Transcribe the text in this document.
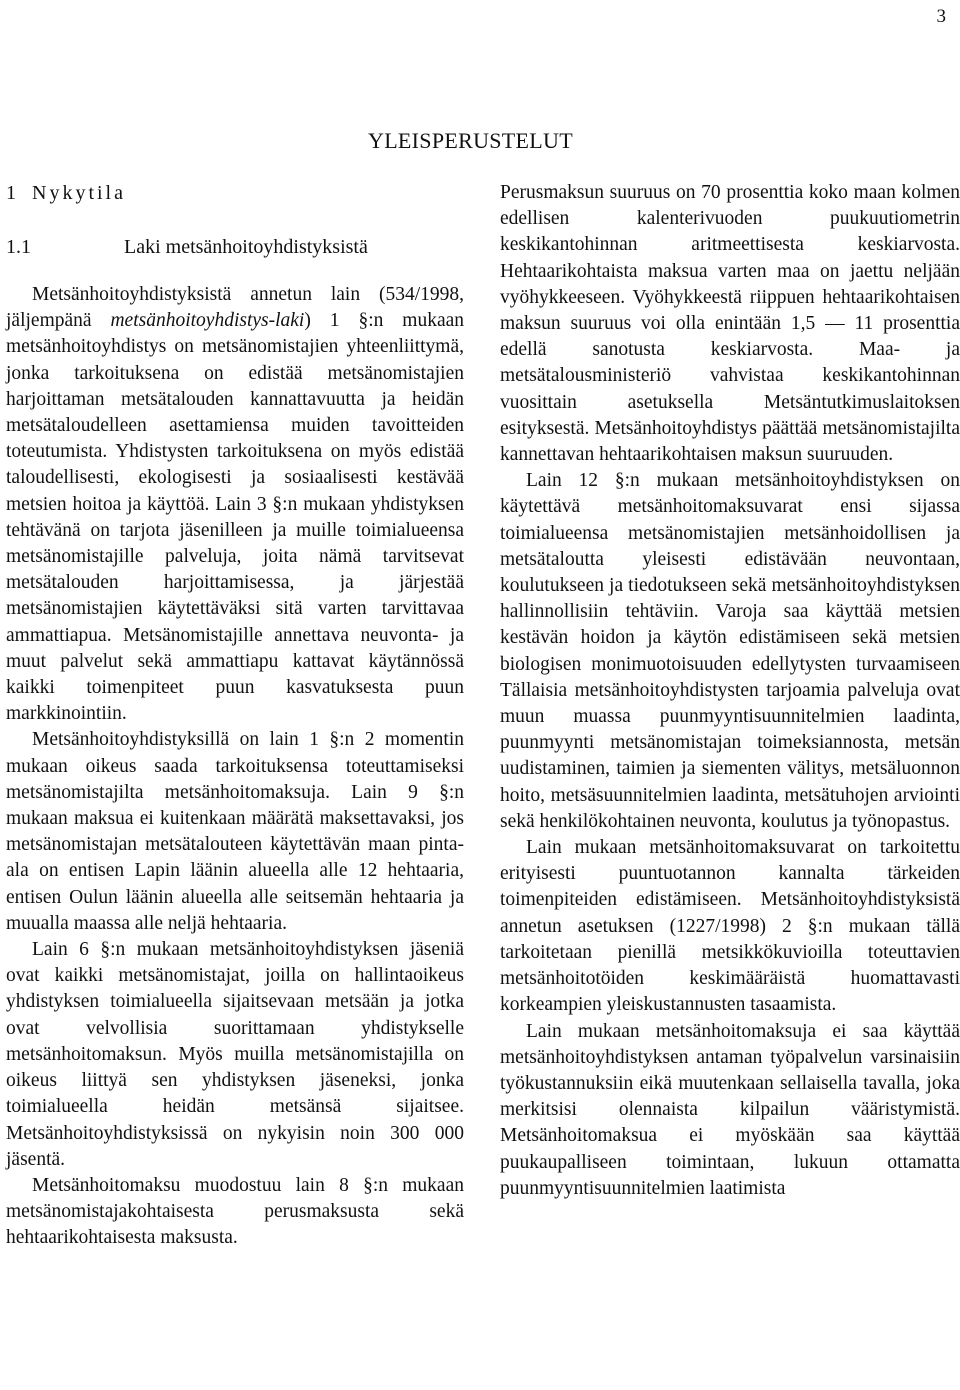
3
YLEISPERUSTELUT
1 Nykytila
1.1	Laki metsänhoitoyhdistyksistä

Metsänhoitoyhdistyksistä annetun lain (534/1998, jäljempänä metsänhoitoyhdistys-laki) 1 §:n mukaan metsänhoitoyhdistys on metsänomistajien yhteenliittymä, jonka tarkoituksena on edistää metsänomistajien harjoittaman metsätalouden kannattavuutta ja heidän metsätaloudelleen asettamiensa muiden tavoitteiden toteutumista. Yhdistysten tarkoituksena on myös edistää taloudellisesti, ekologisesti ja sosiaalisesti kestävää metsien hoitoa ja käyttöä. Lain 3 §:n mukaan yhdistyksen tehtävänä on tarjota jäsenilleen ja muille toimialueensa metsänomistajille palveluja, joita nämä tarvitsevat metsätalouden harjoittamisessa, ja järjestää metsänomistajien käytettäväksi sitä varten tarvittavaa ammattiapua. Metsänomistajille annettava neuvonta- ja muut palvelut sekä ammattiapu kattavat käytännössä kaikki toimenpiteet puun kasvatuksesta puun markkinointiin.

Metsänhoitoyhdistyksillä on lain 1 §:n 2 momentin mukaan oikeus saada tarkoituksensa toteuttamiseksi metsänomistajilta metsänhoitomaksuja. Lain 9 §:n mukaan maksua ei kuitenkaan määrätä maksettavaksi, jos metsänomistajan metsätalouteen käytettävän maan pinta-ala on entisen Lapin läänin alueella alle 12 hehtaaria, entisen Oulun läänin alueella alle seitsemän hehtaaria ja muualla maassa alle neljä hehtaaria.

Lain 6 §:n mukaan metsänhoitoyhdistyksen jäseniä ovat kaikki metsänomistajat, joilla on hallintaoikeus yhdistyksen toimialueella sijaitsevaan metsään ja jotka ovat velvollisia suorittamaan yhdistykselle metsänhoitomaksun. Myös muilla metsänomistajilla on oikeus liittyä sen yhdistyksen jäseneksi, jonka toimialueella heidän metsänsä sijaitsee. Metsänhoitoyhdistyksissä on nykyisin noin 300 000 jäsentä.

Metsänhoitomaksu muodostuu lain 8 §:n mukaan metsänomistajakohtaisesta perusmaksusta sekä hehtaarikohtaisesta maksusta.

Perusmaksun suuruus on 70 prosenttia koko maan kolmen edellisen kalenterivuoden puukuutiometrin keskikantohinnan aritmeettisesta keskiarvosta. Hehtaarikohtaista maksua varten maa on jaettu neljään vyöhykkeeseen. Vyöhykkeestä riippuen hehtaarikohtaisen maksun suuruus voi olla enintään 1,5 — 11 prosenttia edellä sanotusta keskiarvosta. Maa- ja metsätalousministeriö vahvistaa keskikantohinnan vuosittain asetuksella Metsäntutkimuslaitoksen esityksestä. Metsänhoitoyhdistys päättää metsänomistajilta kannettavan hehtaarikohtaisen maksun suuruuden.

Lain 12 §:n mukaan metsänhoitoyhdistyksen on käytettävä metsänhoitomaksuvarat ensi sijassa toimialueensa metsänomistajien metsänhoidollisen ja metsätaloutta yleisesti edistävään neuvontaan, koulutukseen ja tiedotukseen sekä metsänhoitoyhdistyksen hallinnollisiin tehtäviin. Varoja saa käyttää metsien kestävän hoidon ja käytön edistämiseen sekä metsien biologisen monimuotoisuuden edellytysten turvaamiseen Tällaisia metsänhoitoyhdistysten tarjoamia palveluja ovat muun muassa puunmyyntisuunnitelmien laadinta, puunmyynti metsänomistajan toimeksiannosta, metsän uudistaminen, taimien ja siementen välitys, metsäluonnon hoito, metsäsuunnitelmien laadinta, metsätuhojen arviointi sekä henkilökohtainen neuvonta, koulutus ja työnopastus.

Lain mukaan metsänhoitomaksuvarat on tarkoitettu erityisesti puuntuotannon kannalta tärkeiden toimenpiteiden edistämiseen. Metsänhoitoyhdistyksistä annetun asetuksen (1227/1998) 2 §:n mukaan tällä tarkoitetaan pienillä metsikkökuvioilla toteuttavien metsänhoitotöiden keskimääräistä huomattavasti korkeampien yleiskustannusten tasaamista.

Lain mukaan metsänhoitomaksuja ei saa käyttää metsänhoitoyhdistyksen antaman työpalvelun varsinaisiin työkustannuksiin eikä muutenkaan sellaisella tavalla, joka merkitsisi olennaista kilpailun vääristymistä. Metsänhoitomaksua ei myöskään saa käyttää puukaupalliseen toimintaan, lukuun ottamatta puunmyyntisuunnitelmien laatimista
